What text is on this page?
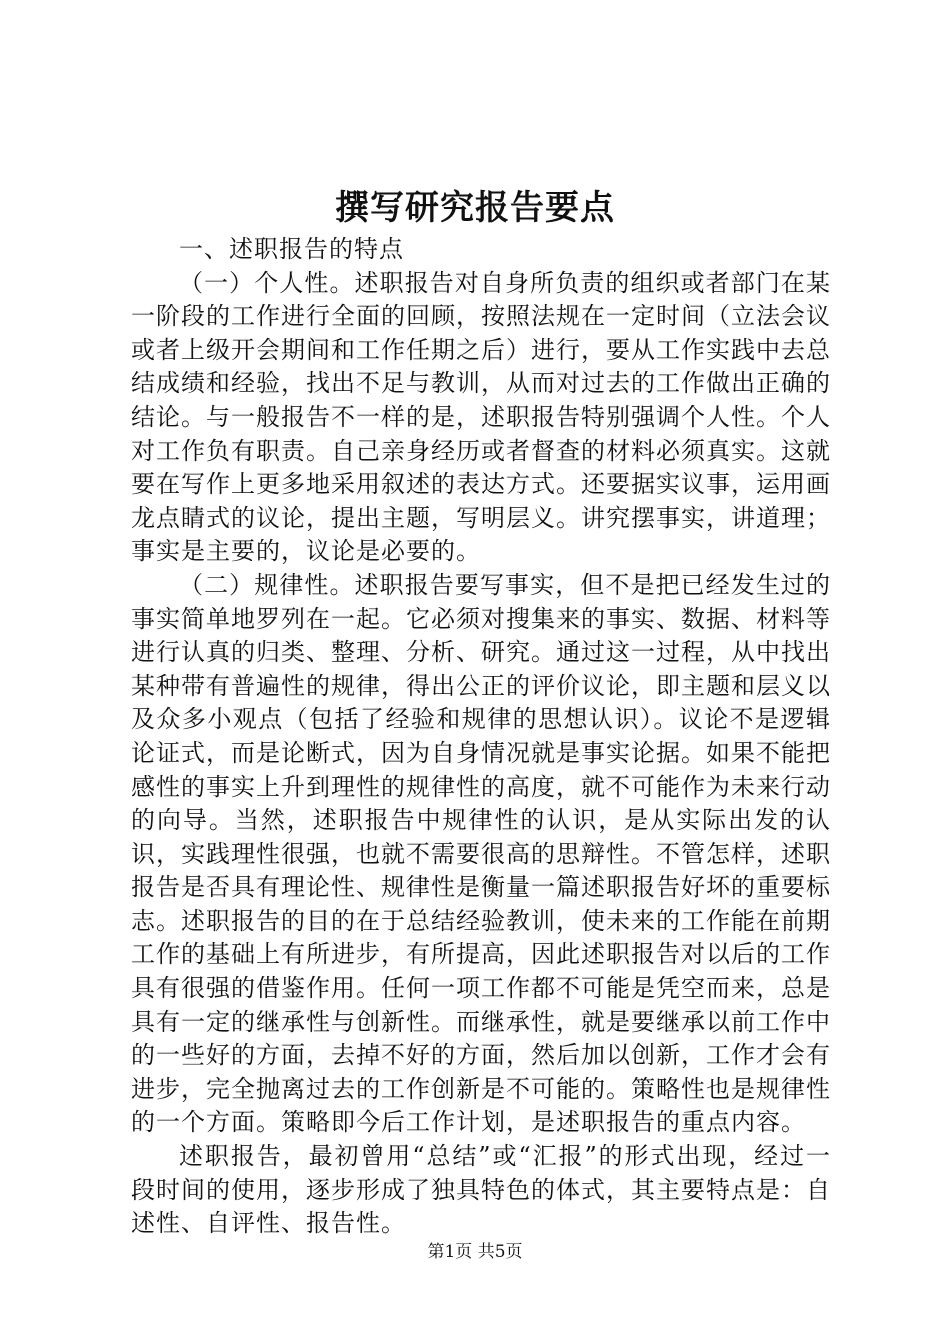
撰写研究报告要点

一、述职报告的特点

（一）个人性。述职报告对自身所负责的组织或者部门在某一阶段的工作进行全面的回顾，按照法规在一定时间（立法会议或者上级开会期间和工作任期之后）进行，要从工作实践中去总结成绩和经验，找出不足与教训，从而对过去的工作做出正确的结论。与一般报告不一样的是，述职报告特别强调个人性。个人对工作负有职责。自己亲身经历或者督查的材料必须真实。这就要在写作上更多地采用叙述的表达方式。还要据实议事，运用画龙点睛式的议论，提出主题，写明层义。讲究摆事实，讲道理；事实是主要的，议论是必要的。

（二）规律性。述职报告要写事实，但不是把已经发生过的事实简单地罗列在一起。它必须对搜集来的事实、数据、材料等进行认真的归类、整理、分析、研究。通过这一过程，从中找出某种带有普遍性的规律，得出公正的评价议论，即主题和层义以及众多小观点（包括了经验和规律的思想认识）。议论不是逻辑论证式，而是论断式，因为自身情况就是事实论据。如果不能把感性的事实上升到理性的规律性的高度，就不可能作为未来行动的向导。当然，述职报告中规律性的认识，是从实际出发的认识，实践理性很强，也就不需要很高的思辩性。不管怎样，述职报告是否具有理论性、规律性是衡量一篇述职报告好坏的重要标志。述职报告的目的在于总结经验教训，使未来的工作能在前期工作的基础上有所进步，有所提高，因此述职报告对以后的工作具有很强的借鉴作用。任何一项工作都不可能是凭空而来，总是具有一定的继承性与创新性。而继承性，就是要继承以前工作中的一些好的方面，去掉不好的方面，然后加以创新，工作才会有进步，完全抛离过去的工作创新是不可能的。策略性也是规律性的一个方面。策略即今后工作计划，是述职报告的重点内容。

述职报告，最初曾用“总结”或“汇报”的形式出现，经过一段时间的使用，逐步形成了独具特色的体式，其主要特点是：自述性、自评性、报告性。

第1页 共5页
